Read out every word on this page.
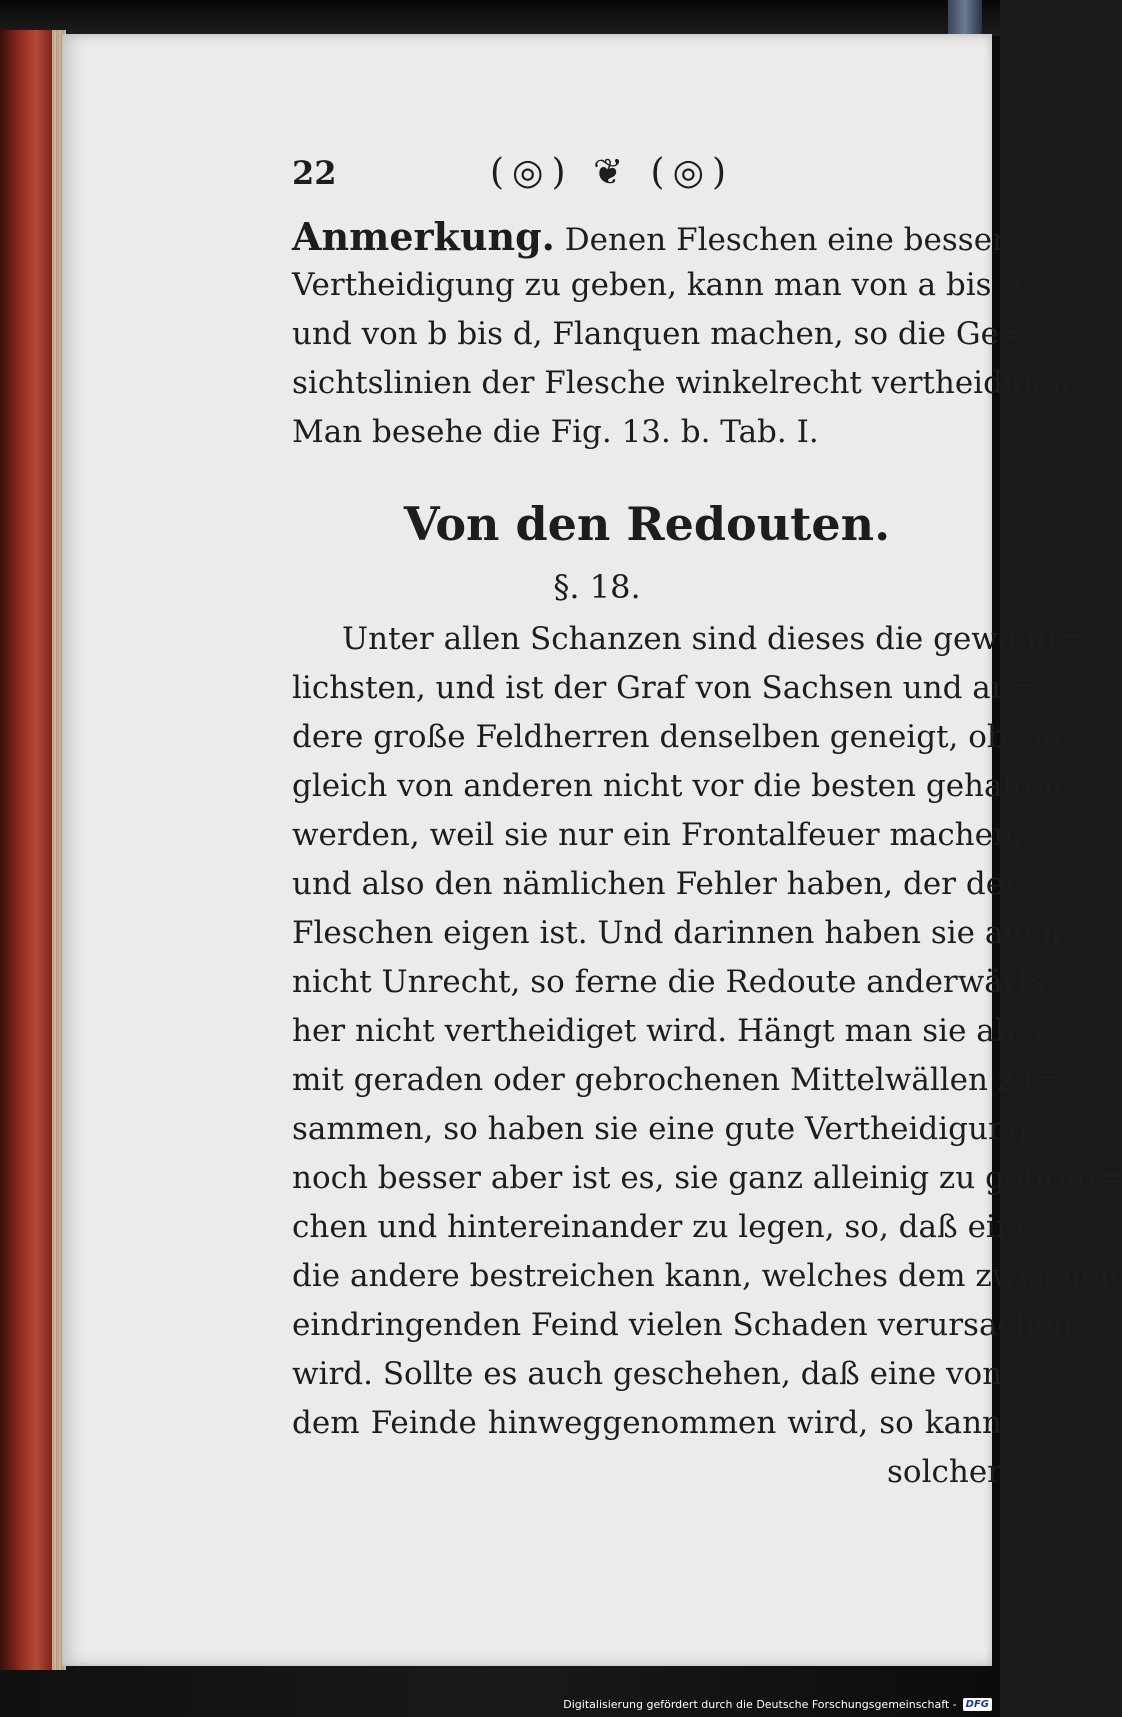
22	(◎) ❦ (◎)
Anmerkung. Denen Fleschen eine bessere
Vertheidigung zu geben, kann man von a bis e,
und von b bis d, Flanquen machen, so die Ge=
sichtslinien der Flesche winkelrecht vertheidigen.
Man besehe die Fig. 13. b. Tab. I.
Von den Redouten.
§. 18.
Unter allen Schanzen sind dieses die gewöhn=
lichsten, und ist der Graf von Sachsen und an=
dere große Feldherren denselben geneigt, ob sie
gleich von anderen nicht vor die besten gehalten
werden, weil sie nur ein Frontalfeuer machen,
und also den nämlichen Fehler haben, der den
Fleschen eigen ist. Und darinnen haben sie auch
nicht Unrecht, so ferne die Redoute anderwärts
her nicht vertheidiget wird. Hängt man sie aber
mit geraden oder gebrochenen Mittelwällen zu=
sammen, so haben sie eine gute Vertheidigung;
noch besser aber ist es, sie ganz alleinig zu gebrau=
chen und hintereinander zu legen, so, daß eine
die andere bestreichen kann, welches dem zwischen
eindringenden Feind vielen Schaden verursachen
wird. Sollte es auch geschehen, daß eine von
dem Feinde hinweggenommen wird, so kann
solcher
Digitalisierung gefördert durch die Deutsche Forschungsgemeinschaft - DFG
